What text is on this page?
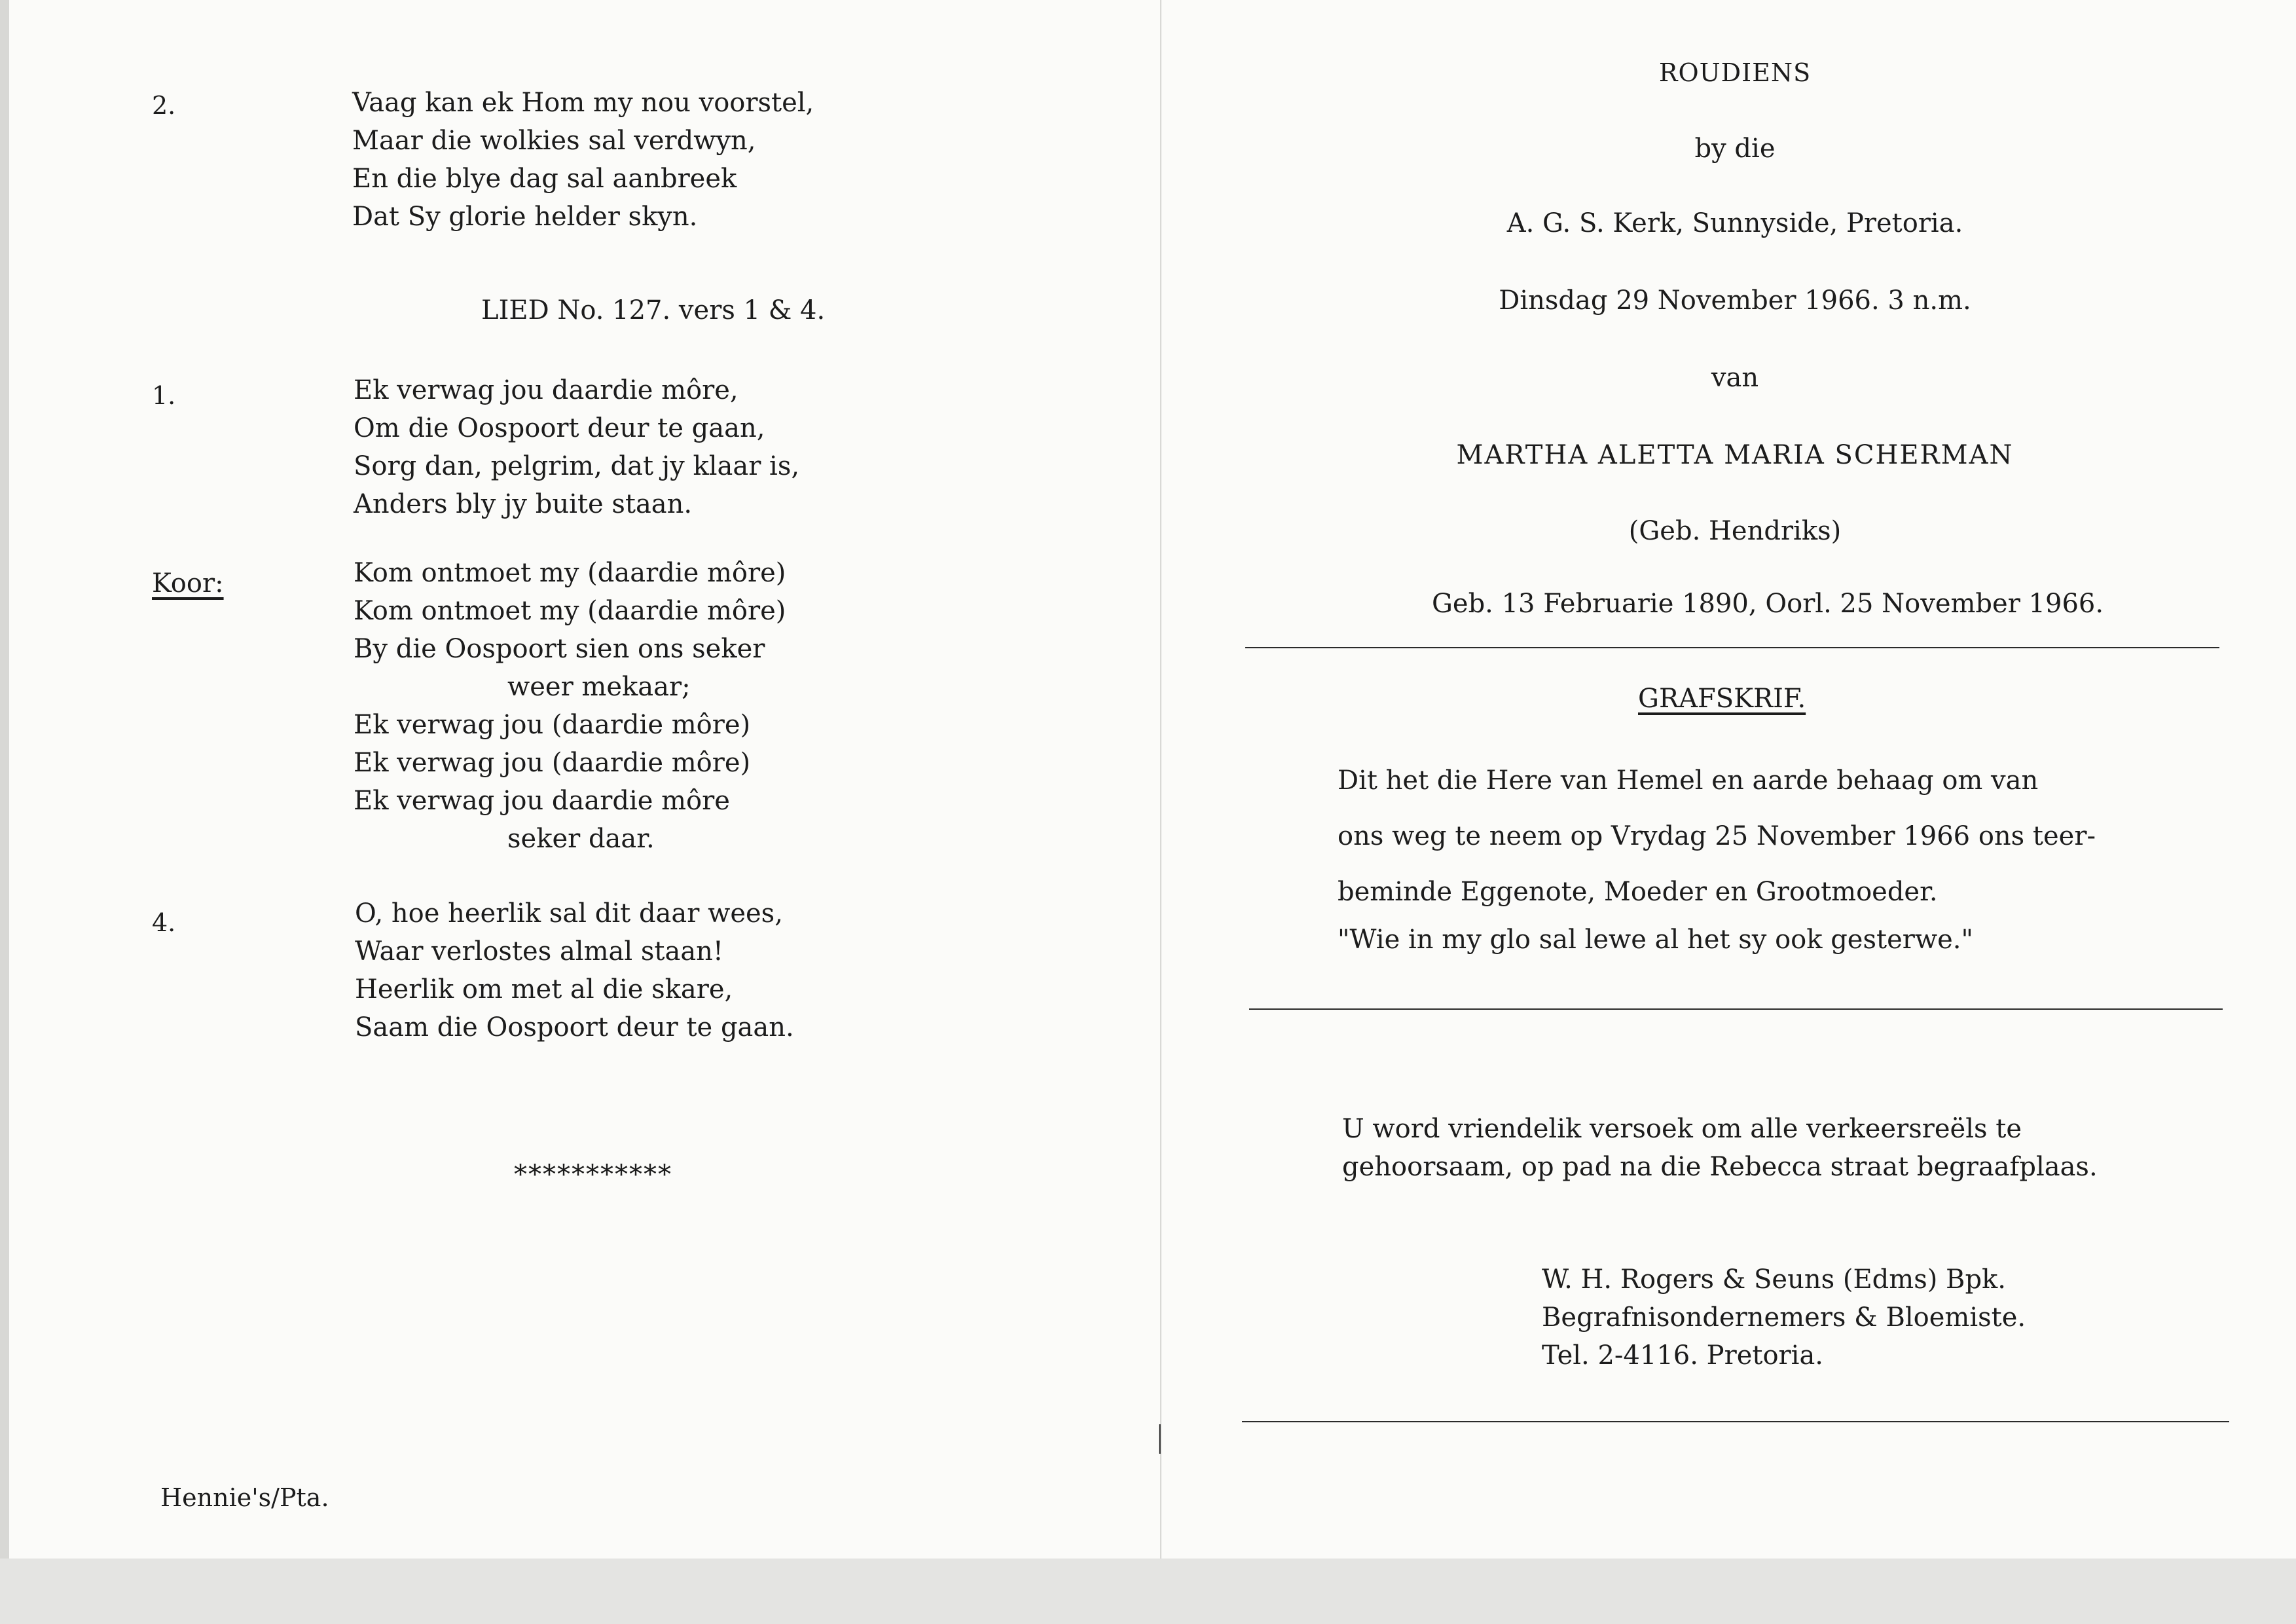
2.	Vaag kan ek Hom my nou voorstel,
Maar die wolkies sal verdwyn,
En die blye dag sal aanbreek
Dat Sy glorie helder skyn.
LIED No. 127. vers 1 & 4.
1.	Ek verwag jou daardie môre,
Om die Oospoort deur te gaan,
Sorg dan, pelgrim, dat jy klaar is,
Anders bly jy buite staan.
Koor:	Kom ontmoet my (daardie môre)
Kom ontmoet my (daardie môre)
By die Oospoort sien ons seker
weer mekaar;
Ek verwag jou (daardie môre)
Ek verwag jou (daardie môre)
Ek verwag jou daardie môre
seker daar.
4.	O, hoe heerlik sal dit daar wees,
Waar verlostes almal staan!
Heerlik om met al die skare,
Saam die Oospoort deur te gaan.
***********
Hennie's/Pta.
ROUDIENS
by die
A. G. S. Kerk, Sunnyside, Pretoria.
Dinsdag 29 November 1966. 3 n.m.
van
MARTHA ALETTA MARIA SCHERMAN
(Geb. Hendriks)
Geb. 13 Februarie 1890, Oorl. 25 November 1966.
GRAFSKRIF.
Dit het die Here van Hemel en aarde behaag om van
ons weg te neem op Vrydag 25 November 1966 ons teer-
beminde Eggenote, Moeder en Grootmoeder.
"Wie in my glo sal lewe al het sy ook gesterwe."
U word vriendelik versoek om alle verkeersreëls te
gehoorsaam, op pad na die Rebecca straat begraafplaas.
W. H. Rogers & Seuns (Edms) Bpk.
Begrafnisondernemers & Bloemiste.
Tel. 2-4116. Pretoria.
